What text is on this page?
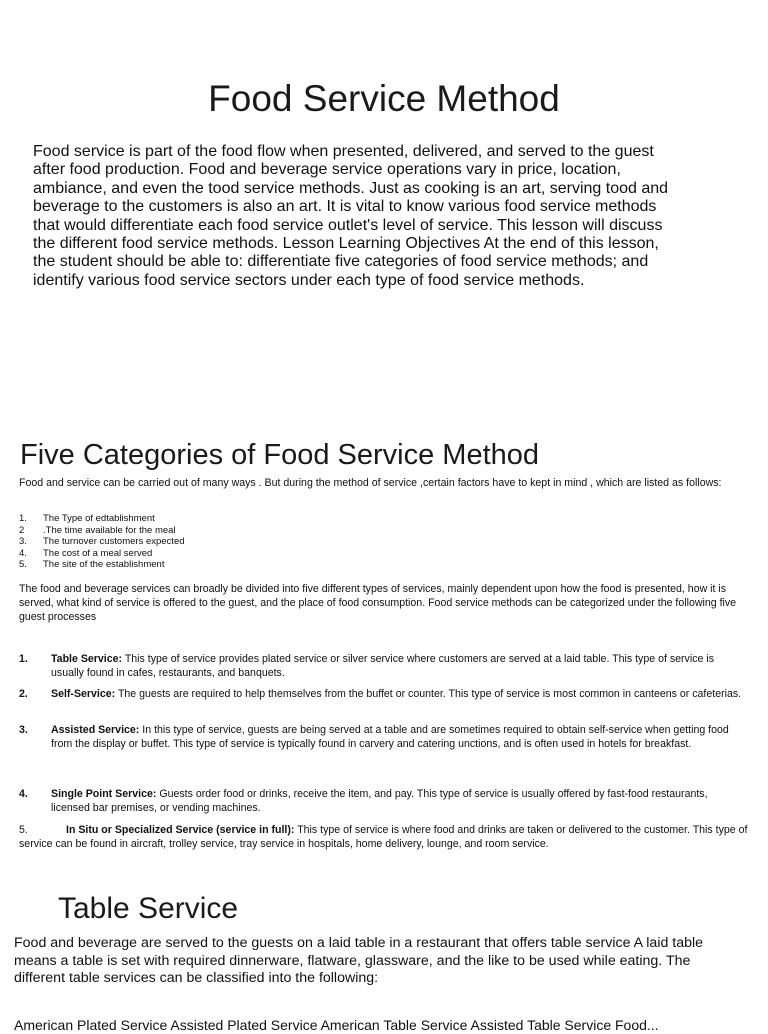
Food Service Method
Food service is part of the food flow when presented, delivered, and served to the guest after food production. Food and beverage service operations vary in price, location, ambiance, and even the tood service methods. Just as cooking is an art, serving tood and beverage to the customers is also an art. It is vital to know various food service methods that would differentiate each food service outlet's level of service. This lesson will discuss the different food service methods. Lesson Learning Objectives At the end of this lesson, the student should be able to: differentiate five categories of food service methods; and identify various food service sectors under each type of food service methods.
Five Categories of Food Service Method
Food and service can be carried out of many ways . But during the method of service ,certain factors have to kept in mind , which are listed as follows:
1.	The Type of edtablishment
2	.The time available for the meal
3.	The turnover customers expected
4.	The cost of a meal served
5.	The site of the establishment
The food and beverage services can broadly be divided into five different types of services, mainly dependent upon how the food is presented, how it is served, what kind of service is offered to the guest, and the place of food consumption. Food service methods can be categorized under the following five guest processes
1.	Table Service: This type of service provides plated service or silver service where customers are served at a laid table. This type of service is usually found in cafes, restaurants, and banquets.
2.	Self-Service: The guests are required to help themselves from the buffet or counter. This type of service is most common in canteens or cafeterias.
3.	Assisted Service: In this type of service, guests are being served at a table and are sometimes required to obtain self-service when getting food from the display or buffet. This type of service is typically found in carvery and catering unctions, and is often used in hotels for breakfast.
4.	Single Point Service: Guests order food or drinks, receive the item, and pay. This type of service is usually offered by fast-food restaurants, licensed bar premises, or vending machines.
5.	In Situ or Specialized Service (service in full): This type of service is where food and drinks are taken or delivered to the customer. This type of service can be found in aircraft, trolley service, tray service in hospitals, home delivery, lounge, and room service.
Table Service
Food and beverage are served to the guests on a laid table in a restaurant that offers table service A laid table means a table is set with required dinnerware, flatware, glassware, and the like to be used while eating. The different table services can be classified into the following:
American Plated Service Assisted Plated Service American Table Service Assisted Table Service Food...
